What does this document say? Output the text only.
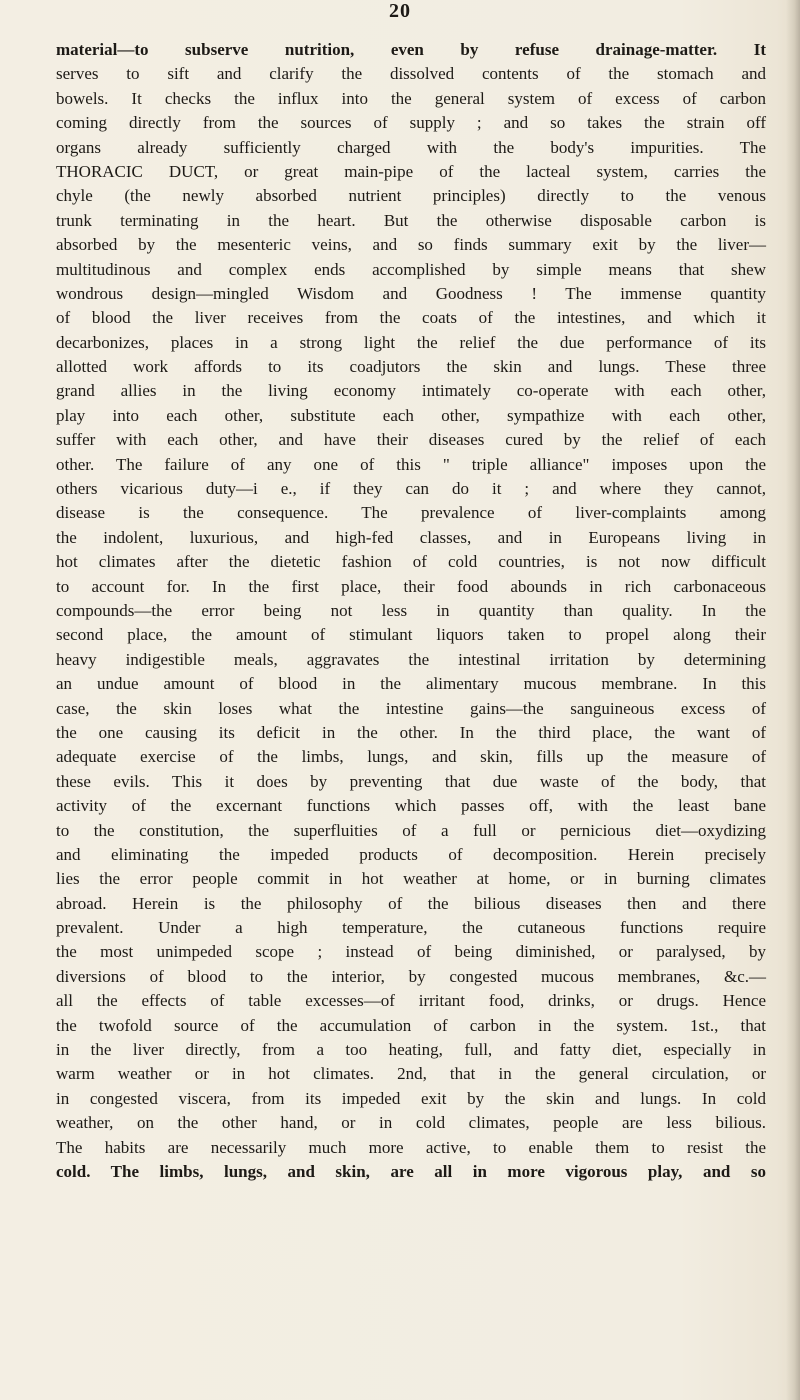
20
material—to subserve nutrition, even by refuse drainage-matter. It
serves to sift and clarify the dissolved contents of the stomach and
bowels. It checks the influx into the general system of excess of carbon
coming directly from the sources of supply ; and so takes the strain off
organs already sufficiently charged with the body's impurities. The
THORACIC DUCT, or great main-pipe of the lacteal system, carries the
chyle (the newly absorbed nutrient principles) directly to the venous
trunk terminating in the heart. But the otherwise disposable carbon is
absorbed by the mesenteric veins, and so finds summary exit by the liver—
multitudinous and complex ends accomplished by simple means that shew
wondrous design—mingled Wisdom and Goodness ! The immense quantity
of blood the liver receives from the coats of the intestines, and which it
decarbonizes, places in a strong light the relief the due performance of its
allotted work affords to its coadjutors the skin and lungs. These three
grand allies in the living economy intimately co-operate with each other,
play into each other, substitute each other, sympathize with each other,
suffer with each other, and have their diseases cured by the relief of each
other. The failure of any one of this " triple alliance" imposes upon the
others vicarious duty—i e., if they can do it ; and where they cannot,
disease is the consequence. The prevalence of liver-complaints among
the indolent, luxurious, and high-fed classes, and in Europeans living in
hot climates after the dietetic fashion of cold countries, is not now difficult
to account for. In the first place, their food abounds in rich carbonaceous
compounds—the error being not less in quantity than quality. In the
second place, the amount of stimulant liquors taken to propel along their
heavy indigestible meals, aggravates the intestinal irritation by determining
an undue amount of blood in the alimentary mucous membrane. In this
case, the skin loses what the intestine gains—the sanguineous excess of
the one causing its deficit in the other. In the third place, the want of
adequate exercise of the limbs, lungs, and skin, fills up the measure of
these evils. This it does by preventing that due waste of the body, that
activity of the excernant functions which passes off, with the least bane
to the constitution, the superfluities of a full or pernicious diet—oxydizing
and eliminating the impeded products of decomposition. Herein precisely
lies the error people commit in hot weather at home, or in burning climates
abroad. Herein is the philosophy of the bilious diseases then and there
prevalent. Under a high temperature, the cutaneous functions require
the most unimpeded scope ; instead of being diminished, or paralysed, by
diversions of blood to the interior, by congested mucous membranes, &c.—
all the effects of table excesses—of irritant food, drinks, or drugs. Hence
the twofold source of the accumulation of carbon in the system. 1st., that
in the liver directly, from a too heating, full, and fatty diet, especially in
warm weather or in hot climates. 2nd, that in the general circulation, or
in congested viscera, from its impeded exit by the skin and lungs. In cold
weather, on the other hand, or in cold climates, people are less bilious.
The habits are necessarily much more active, to enable them to resist the
cold. The limbs, lungs, and skin, are all in more vigorous play, and so
